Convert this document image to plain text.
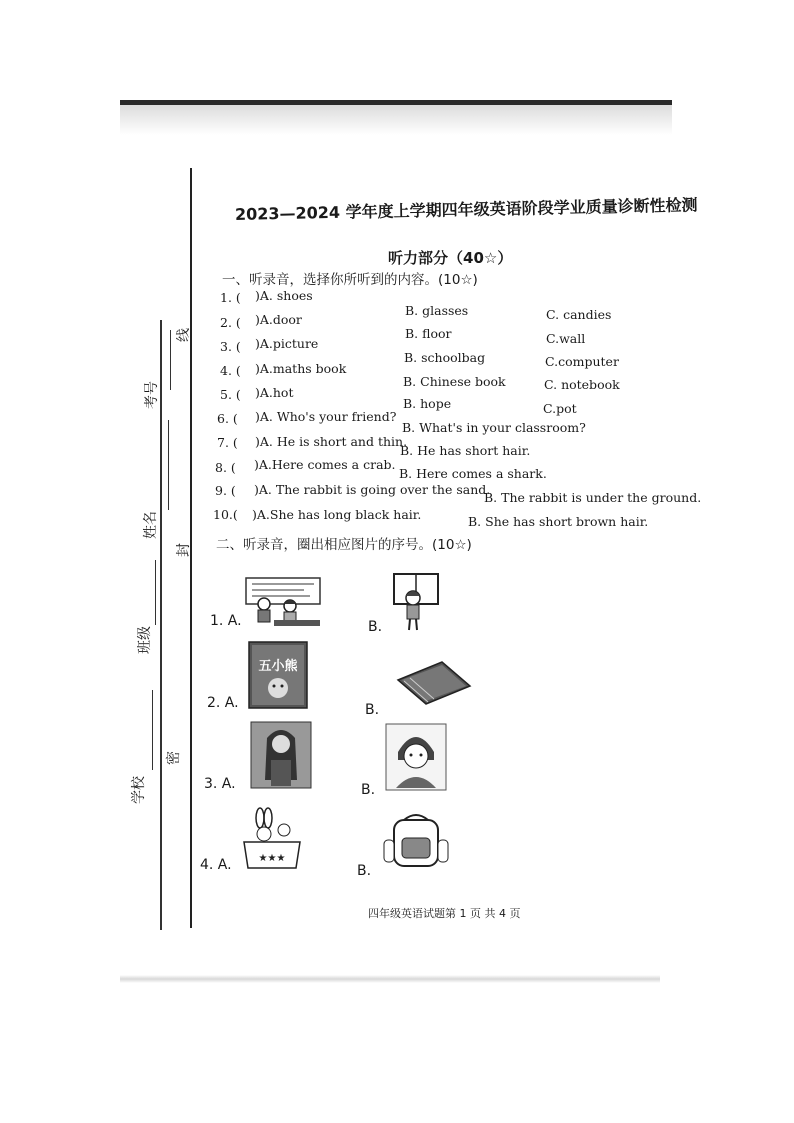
线
封
密
考号
姓名
班级
学校
2023—2024 学年度上学期四年级英语阶段学业质量诊断性检测
听力部分（40☆）
一、听录音，选择你所听到的内容。(10☆)
1. ( )A. shoes
B. glasses	C. candies
2. ( )A.door
B. floor	C.wall
3. ( )A.picture
B. schoolbag	C.computer
4. ( )A.maths book
B. Chinese book	C. notebook
5. ( )A.hot
B. hope	C.pot
6. ( )A. Who's your friend?
B. What's in your classroom?
7. ( )A. He is short and thin.
B. He has short hair.
8. ( )A.Here comes a crab.
B. Here comes a shark.
9. ( )A. The rabbit is going over the sand.
B. The rabbit is under the ground.
10.( )A.She has long black hair.	B. She has short brown hair.
二、听录音，圈出相应图片的序号。(10☆)
1. A.	B.
2. A.	B.
3. A.	B.
4. A.	B.
五小熊
★★★
四年级英语试题第 1 页 共 4 页
